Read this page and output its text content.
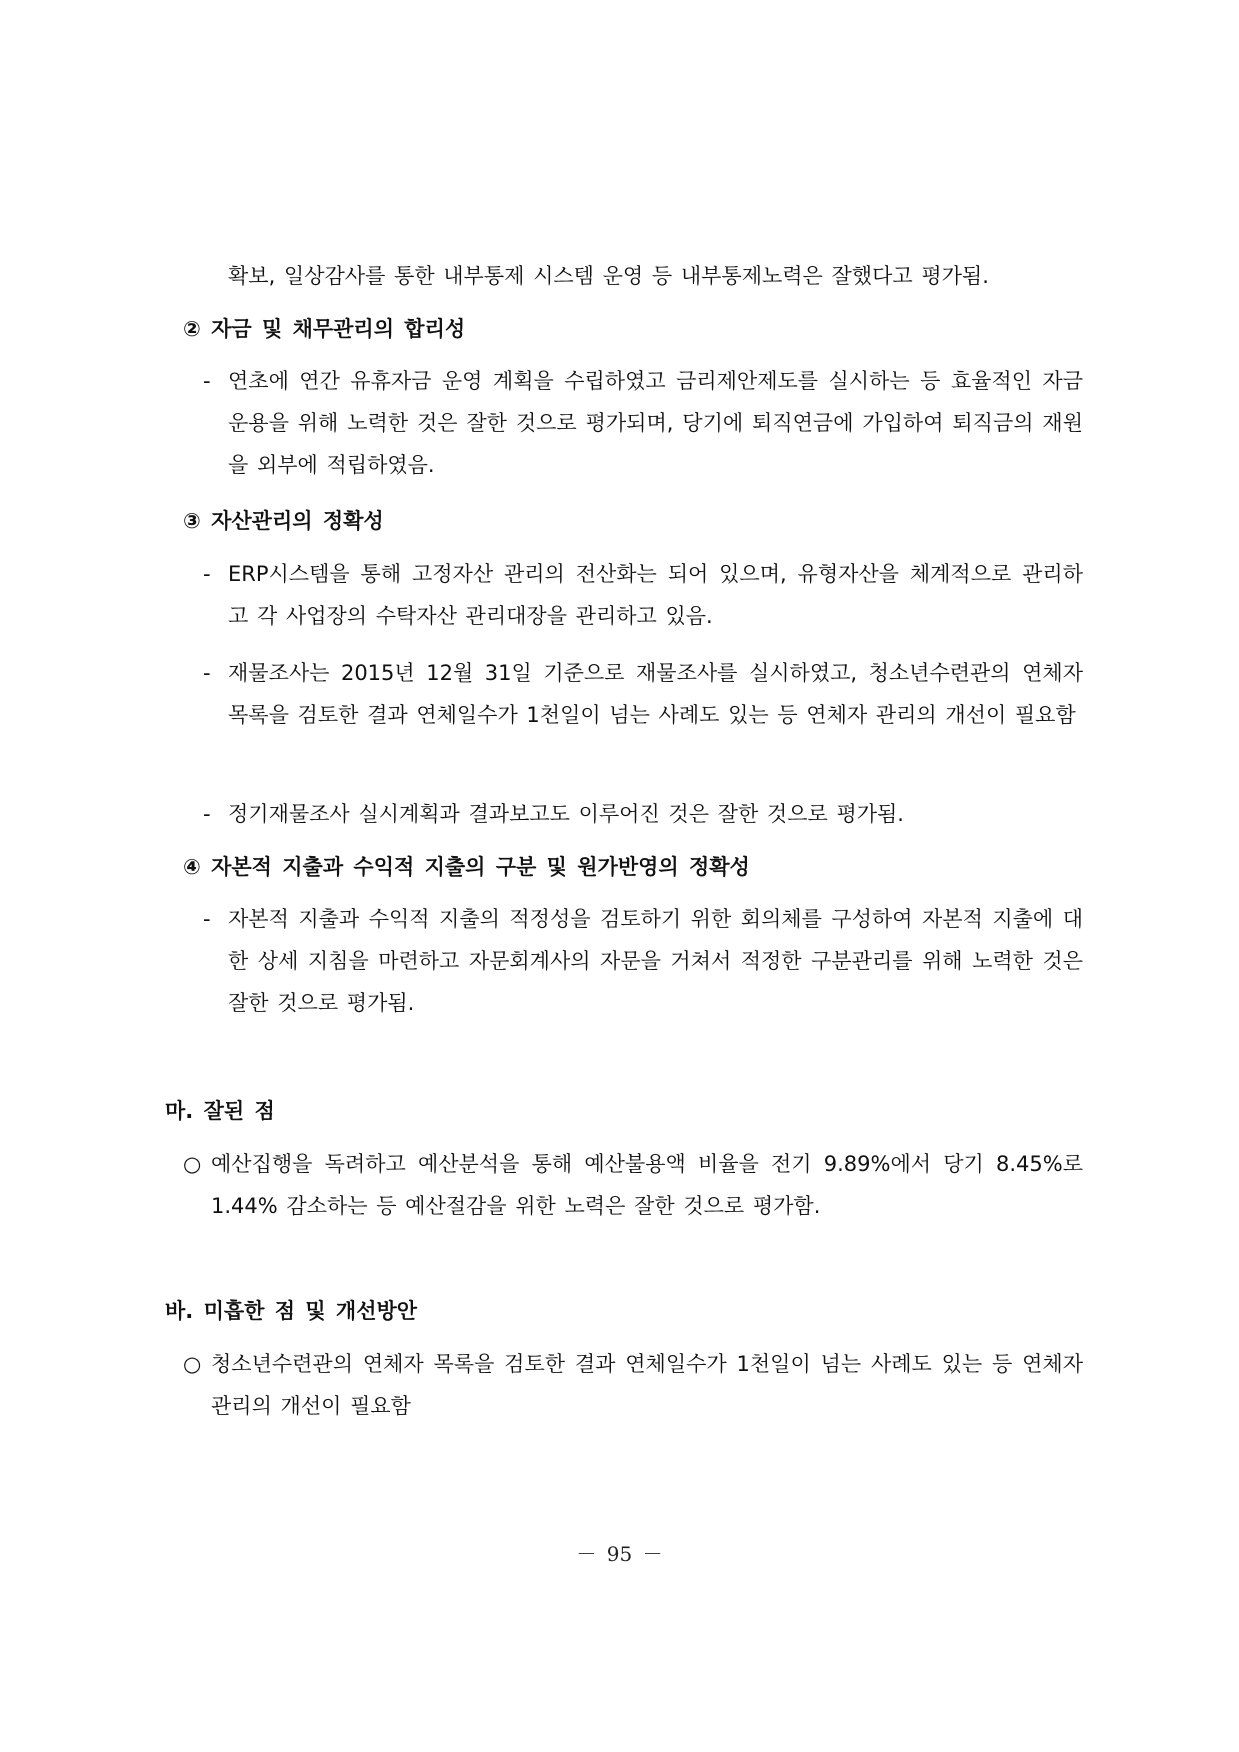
확보, 일상감사를 통한 내부통제 시스템 운영 등 내부통제노력은 잘했다고 평가됨.
② 자금 및 채무관리의 합리성
- 연초에 연간 유휴자금 운영 계획을 수립하였고 금리제안제도를 실시하는 등 효율적인 자금운용을 위해 노력한 것은 잘한 것으로 평가되며, 당기에 퇴직연금에 가입하여 퇴직금의 재원을 외부에 적립하였음.
③ 자산관리의 정확성
- ERP시스템을 통해 고정자산 관리의 전산화는 되어 있으며, 유형자산을 체계적으로 관리하고 각 사업장의 수탁자산 관리대장을 관리하고 있음.
- 재물조사는 2015년 12월 31일 기준으로 재물조사를 실시하였고, 청소년수련관의 연체자 목록을 검토한 결과 연체일수가 1천일이 넘는 사례도 있는 등 연체자 관리의 개선이 필요함
- 정기재물조사 실시계획과 결과보고도 이루어진 것은 잘한 것으로 평가됨.
④ 자본적 지출과 수익적 지출의 구분 및 원가반영의 정확성
- 자본적 지출과 수익적 지출의 적정성을 검토하기 위한 회의체를 구성하여 자본적 지출에 대한 상세 지침을 마련하고 자문회계사의 자문을 거쳐서 적정한 구분관리를 위해 노력한 것은 잘한 것으로 평가됨.
마. 잘된 점
○ 예산집행을 독려하고 예산분석을 통해 예산불용액 비율을 전기 9.89%에서 당기 8.45%로 1.44% 감소하는 등 예산절감을 위한 노력은 잘한 것으로 평가함.
바. 미흡한 점 및 개선방안
○ 청소년수련관의 연체자 목록을 검토한 결과 연체일수가 1천일이 넘는 사례도 있는 등 연체자 관리의 개선이 필요함
－ 95 －
